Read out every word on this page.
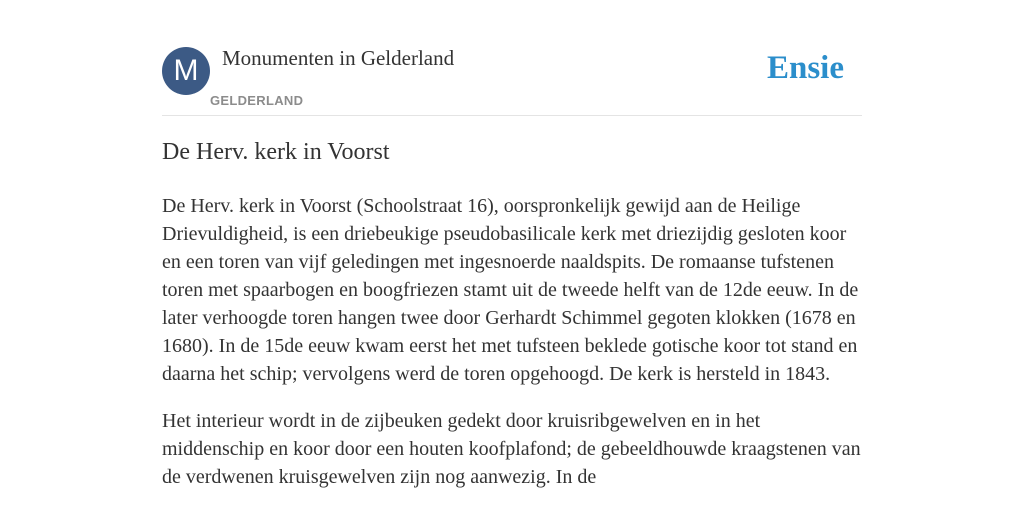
M	Monumenten in Gelderland
GELDERLAND
Ensie
De Herv. kerk in Voorst

De Herv. kerk in Voorst (Schoolstraat 16), oorspronkelijk gewijd aan de Heilige Drievuldigheid, is een driebeukige pseudobasilicale kerk met driezijdig gesloten koor en een toren van vijf geledingen met ingesnoerde naaldspits. De romaanse tufstenen toren met spaarbogen en boogfriezen stamt uit de tweede helft van de 12de eeuw. In de later verhoogde toren hangen twee door Gerhardt Schimmel gegoten klokken (1678 en 1680). In de 15de eeuw kwam eerst het met tufsteen beklede gotische koor tot stand en daarna het schip; vervolgens werd de toren opgehoogd. De kerk is hersteld in 1843.

Het interieur wordt in de zijbeuken gedekt door kruisribgewelven en in het middenschip en koor door een houten koofplafond; de gebeeldhouwde kraagstenen van de verdwenen kruisgewelven zijn nog aanwezig. In de
